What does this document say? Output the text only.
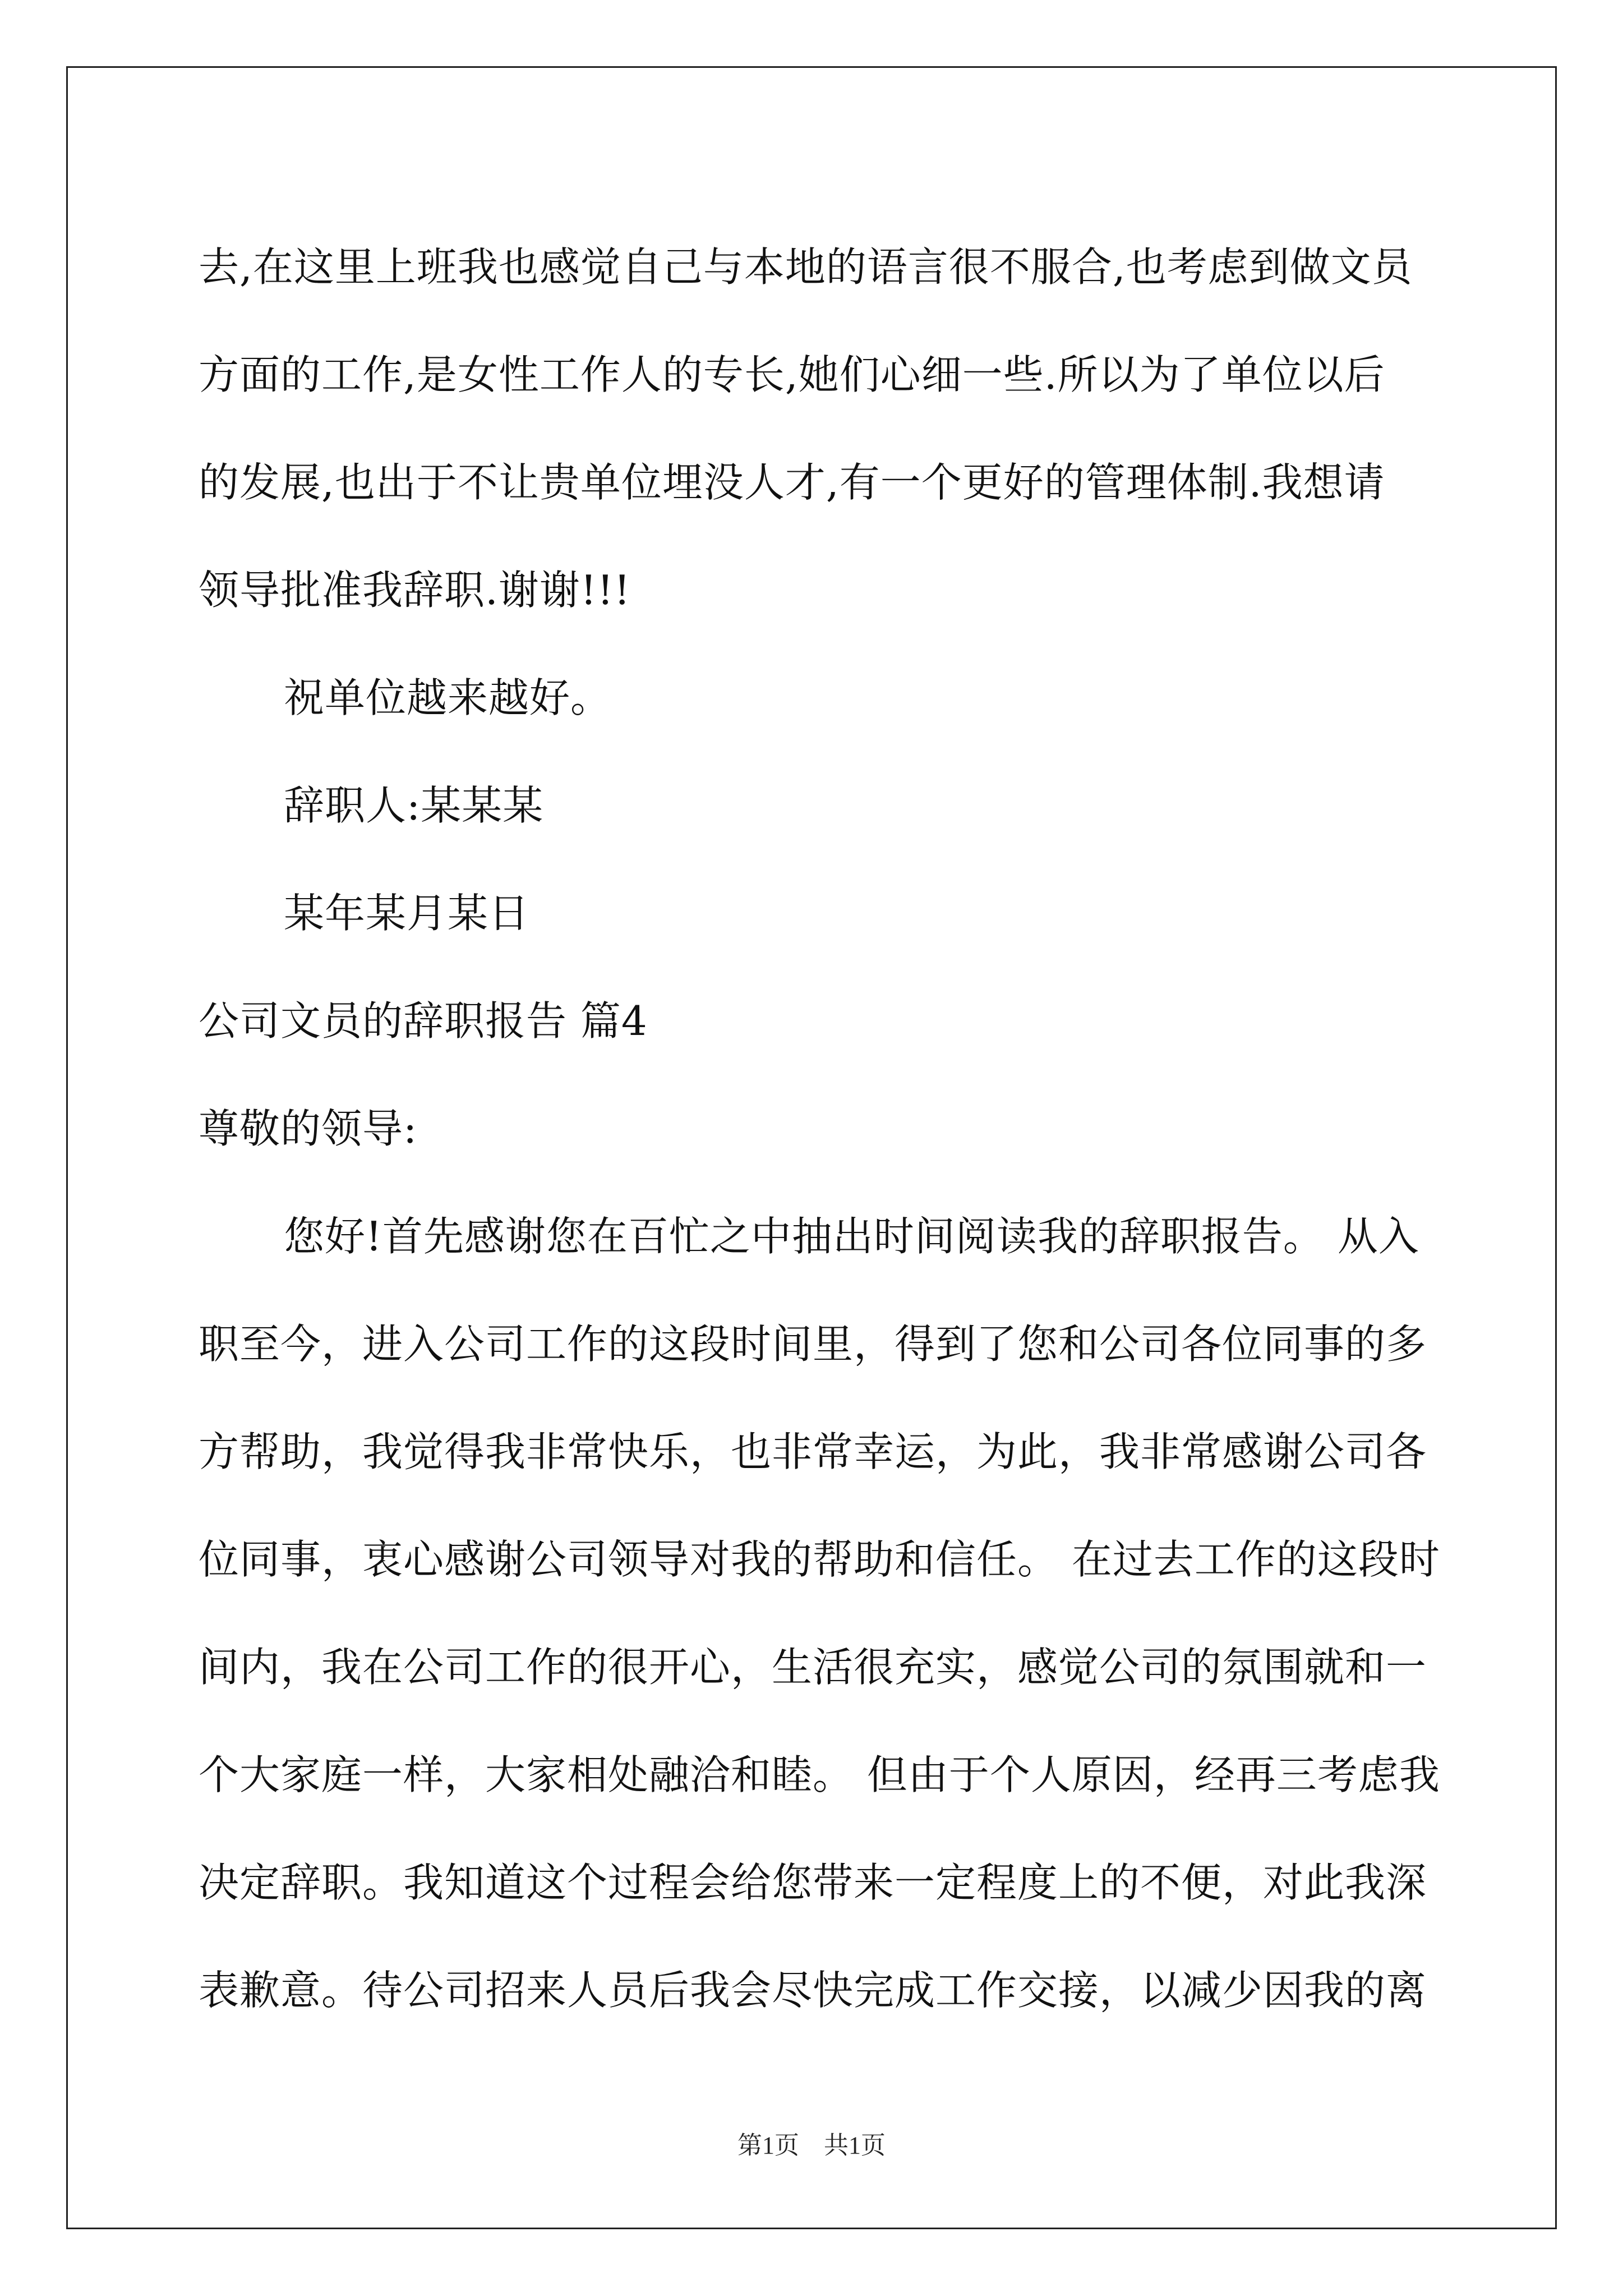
去,在这里上班我也感觉自己与本地的语言很不服合,也考虑到做文员
方面的工作,是女性工作人的专长,她们心细一些.所以为了单位以后
的发展,也出于不让贵单位埋没人才,有一个更好的管理体制.我想请
领导批准我辞职.谢谢!!!
祝单位越来越好。
辞职人:某某某
某年某月某日
公司文员的辞职报告 篇4
尊敬的领导:
您好!首先感谢您在百忙之中抽出时间阅读我的辞职报告。 从入
职至今，进入公司工作的这段时间里，得到了您和公司各位同事的多
方帮助，我觉得我非常快乐，也非常幸运，为此，我非常感谢公司各
位同事，衷心感谢公司领导对我的帮助和信任。 在过去工作的这段时
间内，我在公司工作的很开心，生活很充实，感觉公司的氛围就和一
个大家庭一样，大家相处融洽和睦。 但由于个人原因，经再三考虑我
决定辞职。我知道这个过程会给您带来一定程度上的不便，对此我深
表歉意。待公司招来人员后我会尽快完成工作交接，以减少因我的离
第1页　共1页
